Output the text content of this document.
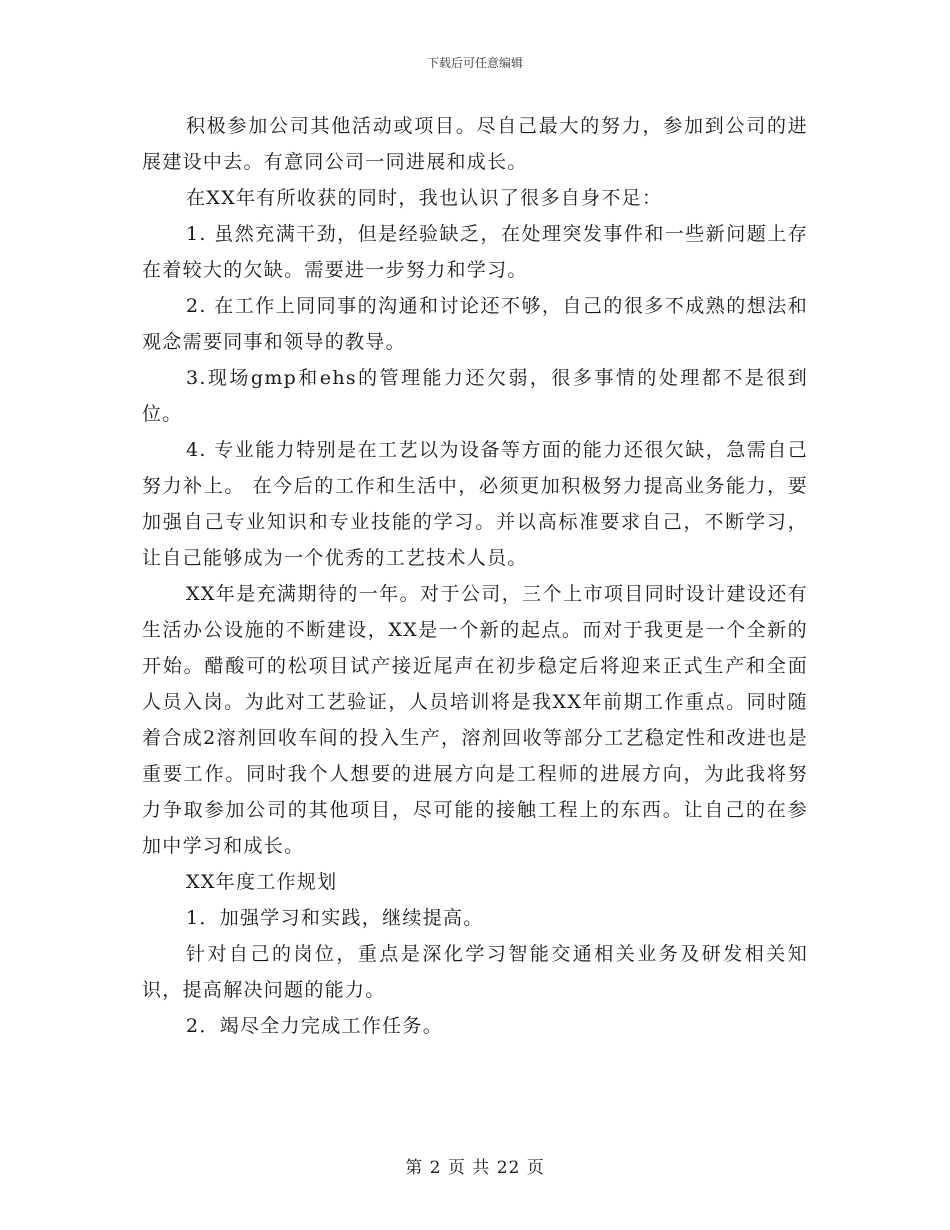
下载后可任意编辑

积极参加公司其他活动或项目。尽自己最大的努力，参加到公司的进展建设中去。有意同公司一同进展和成长。

在XX年有所收获的同时，我也认识了很多自身不足：

1. 虽然充满干劲，但是经验缺乏，在处理突发事件和一些新问题上存在着较大的欠缺。需要进一步努力和学习。

2. 在工作上同同事的沟通和讨论还不够，自己的很多不成熟的想法和观念需要同事和领导的教导。

3.现场gmp和ehs的管理能力还欠弱，很多事情的处理都不是很到位。

4. 专业能力特别是在工艺以为设备等方面的能力还很欠缺，急需自己努力补上。 在今后的工作和生活中，必须更加积极努力提高业务能力，要加强自己专业知识和专业技能的学习。并以高标准要求自己，不断学习，让自己能够成为一个优秀的工艺技术人员。

XX年是充满期待的一年。对于公司，三个上市项目同时设计建设还有生活办公设施的不断建设，XX是一个新的起点。而对于我更是一个全新的开始。醋酸可的松项目试产接近尾声在初步稳定后将迎来正式生产和全面人员入岗。为此对工艺验证，人员培训将是我XX年前期工作重点。同时随着合成2溶剂回收车间的投入生产，溶剂回收等部分工艺稳定性和改进也是重要工作。同时我个人想要的进展方向是工程师的进展方向，为此我将努力争取参加公司的其他项目，尽可能的接触工程上的东西。让自己的在参加中学习和成长。

XX年度工作规划

1．加强学习和实践，继续提高。

针对自己的岗位，重点是深化学习智能交通相关业务及研发相关知识，提高解决问题的能力。

2．竭尽全力完成工作任务。

第 2 页 共 22 页
